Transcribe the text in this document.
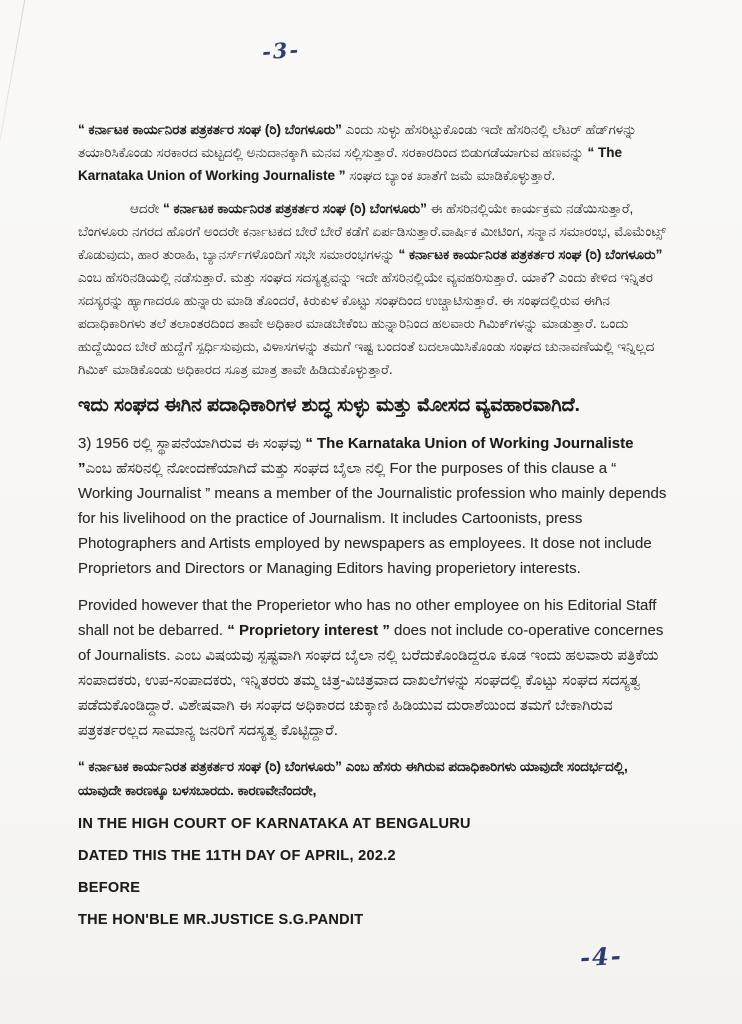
-3-

“ ಕರ್ನಾಟಕ ಕಾರ್ಯನಿರತ ಪತ್ರಕರ್ತರ ಸಂಘ (ರಿ) ಬೆಂಗಳೂರು” ಎಂದು ಸುಳ್ಳು ಹೆಸರಿಟ್ಟುಕೊಂಡು ಇದೇ ಹೆಸರಿನಲ್ಲಿ ಲೆಟರ್ ಹೆಡ್‌ಗಳನ್ನು ತಯಾರಿಸಿಕೊಂಡು ಸರಕಾರದ ಮಟ್ಟದಲ್ಲಿ ಅನುದಾನಕ್ಕಾಗಿ ಮನವ ಸಲ್ಲಿಸುತ್ತಾರೆ. ಸರಕಾರದಿಂದ ಬಿಡುಗಡೆಯಾಗುವ ಹಣವನ್ನು “ The Karnataka Union of Working Journaliste ” ಸಂಘದ ಬ್ಯಾಂಕ ಖಾತೆಗೆ ಜಮೆ ಮಾಡಿಕೊಳ್ಳುತ್ತಾರೆ.

ಆದರೇ “ ಕರ್ನಾಟಕ ಕಾರ್ಯನಿರತ ಪತ್ರಕರ್ತರ ಸಂಘ (ರಿ) ಬೆಂಗಳೂರು” ಈ ಹೆಸರಿನಲ್ಲಿಯೇ ಕಾರ್ಯಕ್ರಮ ನಡೆಯಿಸುತ್ತಾರೆ, ಬೆಂಗಳೂರು ನಗರದ ಹೊರಗೆ ಅಂದರೇ ಕರ್ನಾಟಕದ ಬೇರೆ ಬೇರೆ ಕಡೆಗೆ ಏರ್ಪಡಿಸುತ್ತಾರೆ.ವಾರ್ಷಿಕ ಮೀಟಿಂಗ, ಸನ್ಮಾನ ಸಮಾರಂಭ, ಮೊಮೆಂಟ್ಸ್ ಕೊಡುವುದು, ಹಾರ ತುರಾಹಿ, ಬ್ಯಾನರ್ಸ್‌ಗಳೊಂದಿಗೆ ಸಭೇ ಸಮಾರಂಭಗಳನ್ನು “ ಕರ್ನಾಟಕ ಕಾರ್ಯನಿರತ ಪತ್ರಕರ್ತರ ಸಂಘ (ರಿ) ಬೆಂಗಳೂರು” ಎಂಬ ಹೆಸರಿನಡಿಯಲ್ಲಿ ನಡೆಸುತ್ತಾರೆ. ಮತ್ತು ಸಂಘದ ಸದಸ್ಯತ್ವವನ್ನು ಇದೇ ಹೆಸರಿನಲ್ಲಿಯೇ ವ್ಯವಹರಿಸುತ್ತಾರೆ. ಯಾಕೆ? ಎಂದು ಕೇಳಿದ ಇನ್ನಿತರ ಸದಸ್ಯರನ್ನು ಹ್ಯಾಗಾದರೂ ಹುನ್ನಾರು ಮಾಡಿ ತೊಂದರೆ, ಕಿರುಕುಳ ಕೊಟ್ಟು ಸಂಘದಿಂದ ಉಚ್ಚಾಟಿಸುತ್ತಾರೆ. ಈ ಸಂಘದಲ್ಲಿರುವ ಈಗಿನ ಪದಾಧಿಕಾರಿಗಳು ತಲೆ ತಲಾಂತರದಿಂದ ತಾವೇ ಅಧಿಕಾರ ಮಾಡಬೇಕೆಂಬ ಹುನ್ನಾರಿನಿಂದ ಹಲವಾರು ಗಿಮಿಕ್‌ಗಳನ್ನು ಮಾಡುತ್ತಾರೆ. ಒಂದು ಹುದ್ದೆಯಿಂದ ಬೇರೆ ಹುದ್ದೆಗೆ ಸ್ಪರ್ಧಿಸುವುದು, ವಿಳಾಸಗಳನ್ನು ತಮಗೆ ಇಷ್ಟ ಬಂದಂತೆ ಬದಲಾಯಿಸಿಕೊಂಡು ಸಂಘದ ಚುನಾವಣೆಯಲ್ಲಿ ಇನ್ನಿಲ್ಲದ ಗಿಮಿಕ್ ಮಾಡಿಕೊಂಡು ಅಧಿಕಾರದ ಸೂತ್ರ ಮಾತ್ರ ತಾವೇ ಹಿಡಿದುಕೊಳ್ಳುತ್ತಾರೆ.

ಇದು ಸಂಘದ ಈಗಿನ ಪದಾಧಿಕಾರಿಗಳ ಶುದ್ಧ ಸುಳ್ಳು ಮತ್ತು ಮೋಸದ ವ್ಯವಹಾರವಾಗಿದೆ.

3) 1956 ರಲ್ಲಿ ಸ್ಥಾಪನೆಯಾಗಿರುವ ಈ ಸಂಘವು “ The Karnataka Union of Working Journaliste ”ಎಂಬ ಹೆಸರಿನಲ್ಲಿ ನೋಂದಣೆಯಾಗಿದೆ ಮತ್ತು ಸಂಘದ ಬೈಲಾ ನಲ್ಲಿ For the purposes of this clause a “ Working Journalist ” means a member of the Journalistic profession who mainly depends for his livelihood on the practice of Journalism. It includes Cartoonists, press Photographers and Artists employed by newspapers as employees. It dose not include Proprietors and Directors or Managing Editors having properietory interests.

Provided however that the Properietor who has no other employee on his Editorial Staff shall not be debarred. “ Proprietory interest ” does not include co-operative concernes of Journalists. ಎಂಬ ವಿಷಯವು ಸ್ಪಷ್ಟವಾಗಿ ಸಂಘದ ಬೈಲಾ ನಲ್ಲಿ ಬರೆದುಕೊಂಡಿದ್ದರೂ ಕೂಡ ಇಂದು ಹಲವಾರು ಪತ್ರಿಕೆಯ ಸಂಪಾದಕರು, ಉಪ-ಸಂಪಾದಕರು, ಇನ್ನಿತರರು ತಮ್ಮ ಚಿತ್ರ-ವಿಚಿತ್ರವಾದ ದಾಖಲೆಗಳನ್ನು ಸಂಘದಲ್ಲಿ ಕೊಟ್ಟು ಸಂಘದ ಸದಸ್ಯತ್ವ ಪಡೆದುಕೊಂಡಿದ್ದಾರೆ. ವಿಶೇಷವಾಗಿ ಈ ಸಂಘದ ಅಧಿಕಾರದ ಚುಕ್ಕಾಣಿ ಹಿಡಿಯುವ ದುರಾಶೆಯಿಂದ ತಮಗೆ ಬೇಕಾಗಿರುವ ಪತ್ರಕರ್ತರಲ್ಲದ ಸಾಮಾನ್ಯ ಜನರಿಗೆ ಸದಸ್ಯತ್ವ ಕೊಟ್ಟಿದ್ದಾರೆ.

“ ಕರ್ನಾಟಕ ಕಾರ್ಯನಿರತ ಪತ್ರಕರ್ತರ ಸಂಘ (ರಿ) ಬೆಂಗಳೂರು” ಎಂಬ ಹೆಸರು ಈಗಿರುವ ಪದಾಧಿಕಾರಿಗಳು ಯಾವುದೇ ಸಂದರ್ಭದಲ್ಲಿ, ಯಾವುದೇ ಕಾರಣಕ್ಕೂ ಬಳಸಬಾರದು. ಕಾರಣವೇನೆಂದರೇ,

IN THE HIGH COURT OF KARNATAKA AT BENGALURU

DATED THIS THE 11TH DAY OF APRIL, 202.2

BEFORE

THE HON'BLE MR.JUSTICE S.G.PANDIT

-4-
